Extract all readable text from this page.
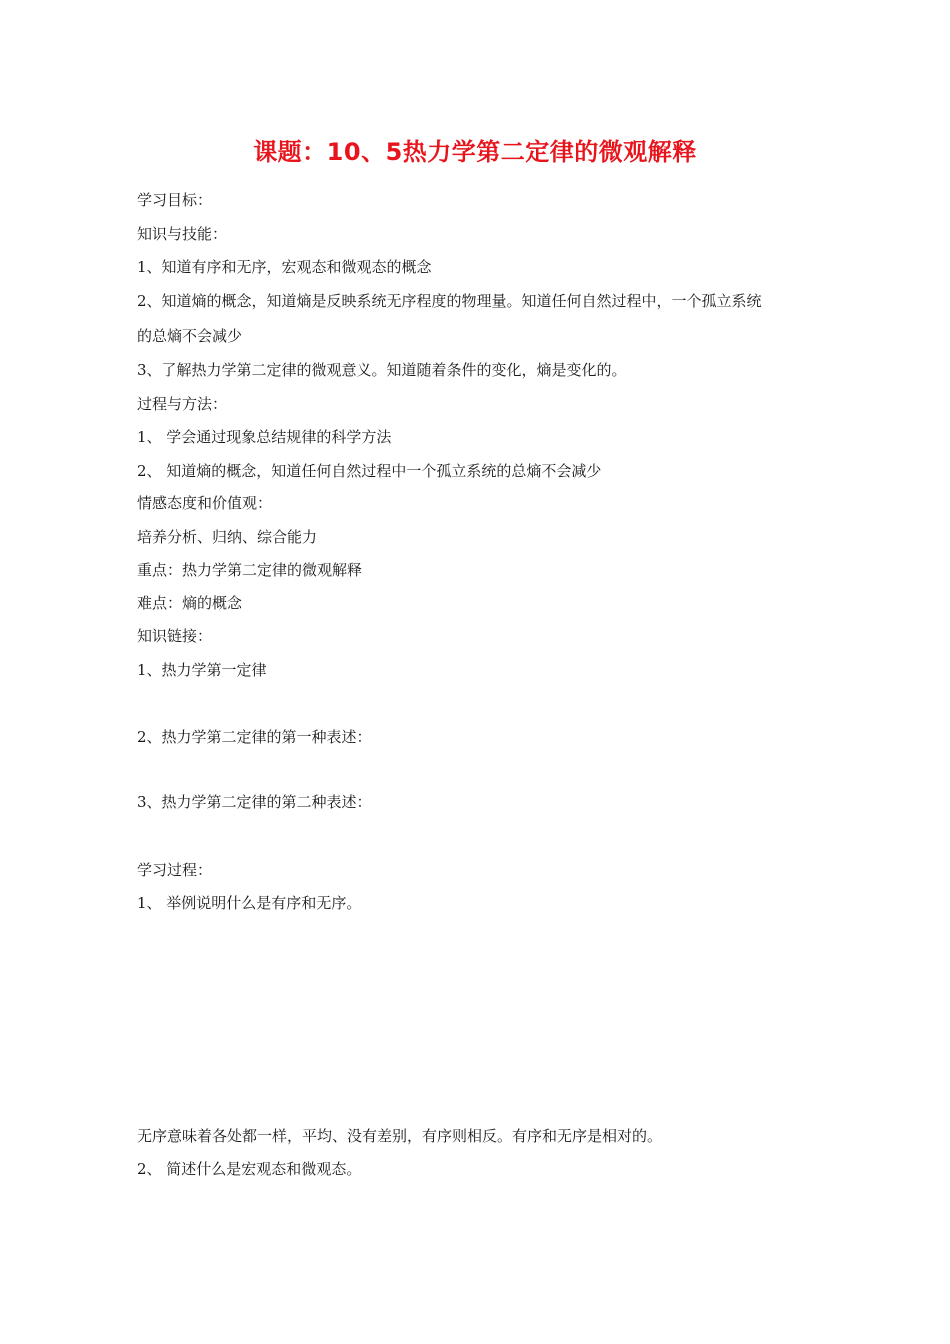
课题：10、5热力学第二定律的微观解释
学习目标：
知识与技能：
1、知道有序和无序，宏观态和微观态的概念
2、知道熵的概念，知道熵是反映系统无序程度的物理量。知道任何自然过程中，一个孤立系统
的总熵不会减少
3、了解热力学第二定律的微观意义。知道随着条件的变化，熵是变化的。
过程与方法：
1、 学会通过现象总结规律的科学方法
2、 知道熵的概念，知道任何自然过程中一个孤立系统的总熵不会减少
情感态度和价值观：
培养分析、归纳、综合能力
重点：热力学第二定律的微观解释
难点：熵的概念
知识链接：
1、热力学第一定律
2、热力学第二定律的第一种表述：
3、热力学第二定律的第二种表述：
学习过程：
1、 举例说明什么是有序和无序。
无序意味着各处都一样，平均、没有差别，有序则相反。有序和无序是相对的。
2、 简述什么是宏观态和微观态。
